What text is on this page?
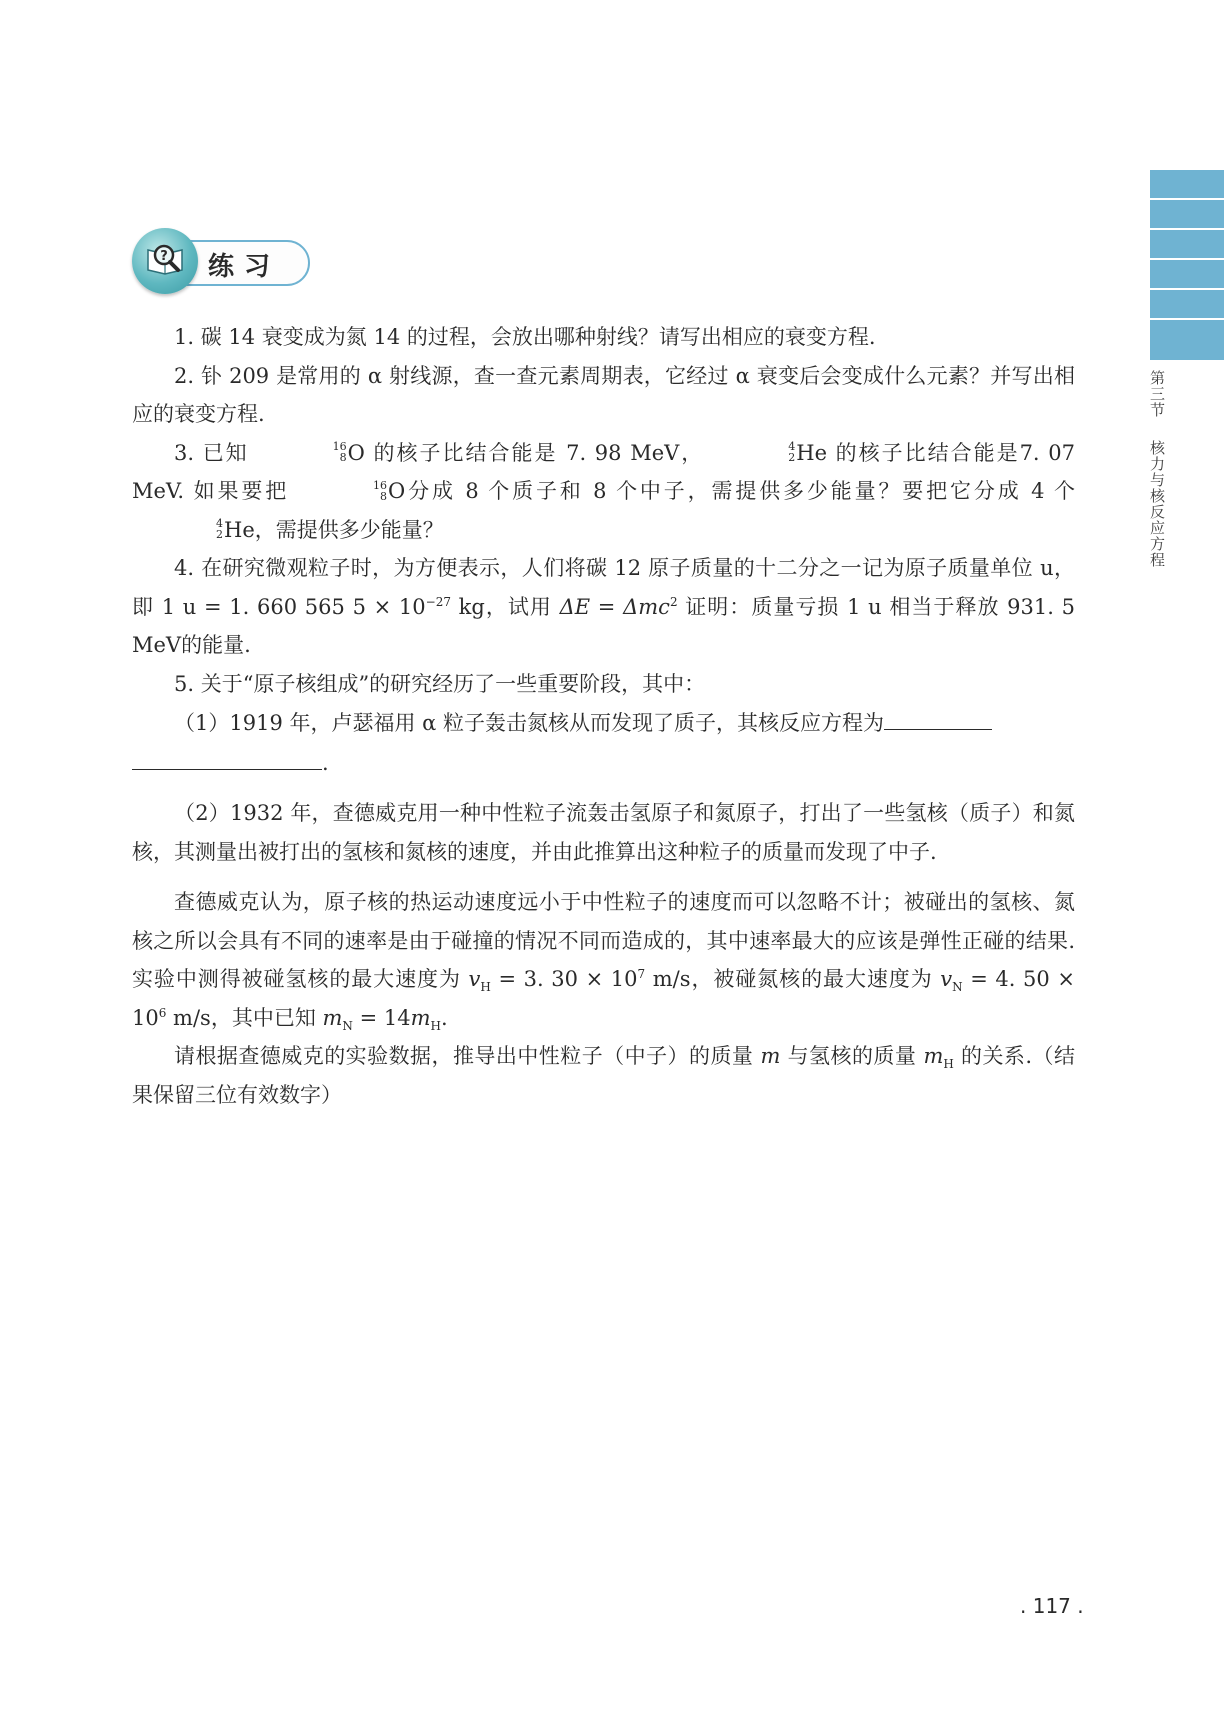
第三节核力与核反应方程
练习
?

1. 碳 14 衰变成为氮 14 的过程，会放出哪种射线？请写出相应的衰变方程.

2. 钋 209 是常用的 α 射线源，查一查元素周期表，它经过 α 衰变后会变成什么元素？并写出相应的衰变方程.

3. 已知	16
8 O 的核子比结合能是 7. 98 MeV，	4
2 He 的核子比结合能是7. 07 MeV. 如果要把	16
8 O分成 8 个质子和 8 个中子，需提供多少能量？要把它分成 4 个
4
2 He，需提供多少能量？

4. 在研究微观粒子时，为方便表示，人们将碳 12 原子质量的十二分之一记为原子质量单位 u，即 1 u = 1. 660 565 $5 \times 10^{-27}$ kg，试用 ΔE = Δmc$^2$ 证明：质量亏损 1 u 相当于释放 931. 5 MeV的能量.

5. 关于“原子核组成”的研究经历了一些重要阶段，其中：

（1）1919 年，卢瑟福用 α 粒子轰击氮核从而发现了质子，其核反应方程为

.

（2）1932 年，查德威克用一种中性粒子流轰击氢原子和氮原子，打出了一些氢核（质子）和氮核，其测量出被打出的氢核和氮核的速度，并由此推算出这种粒子的质量而发现了中子.

查德威克认为，原子核的热运动速度远小于中性粒子的速度而可以忽略不计；被碰出的氢核、氮核之所以会具有不同的速率是由于碰撞的情况不同而造成的，其中速率最大的应该是弹性正碰的结果. 实验中测得被碰氢核的最大速度为 $v_H = 3$. $30 \times 10^7$ m/s，被碰氮核的最大速度为 $v_N = 4$. $50 \times 10^6$ m/s，其中已知 $m_N = 14m_H$.

请根据查德威克的实验数据，推导出中性粒子（中子）的质量 m 与氢核的质量 $m_H$ 的关系.（结果保留三位有效数字）

. 117 .
